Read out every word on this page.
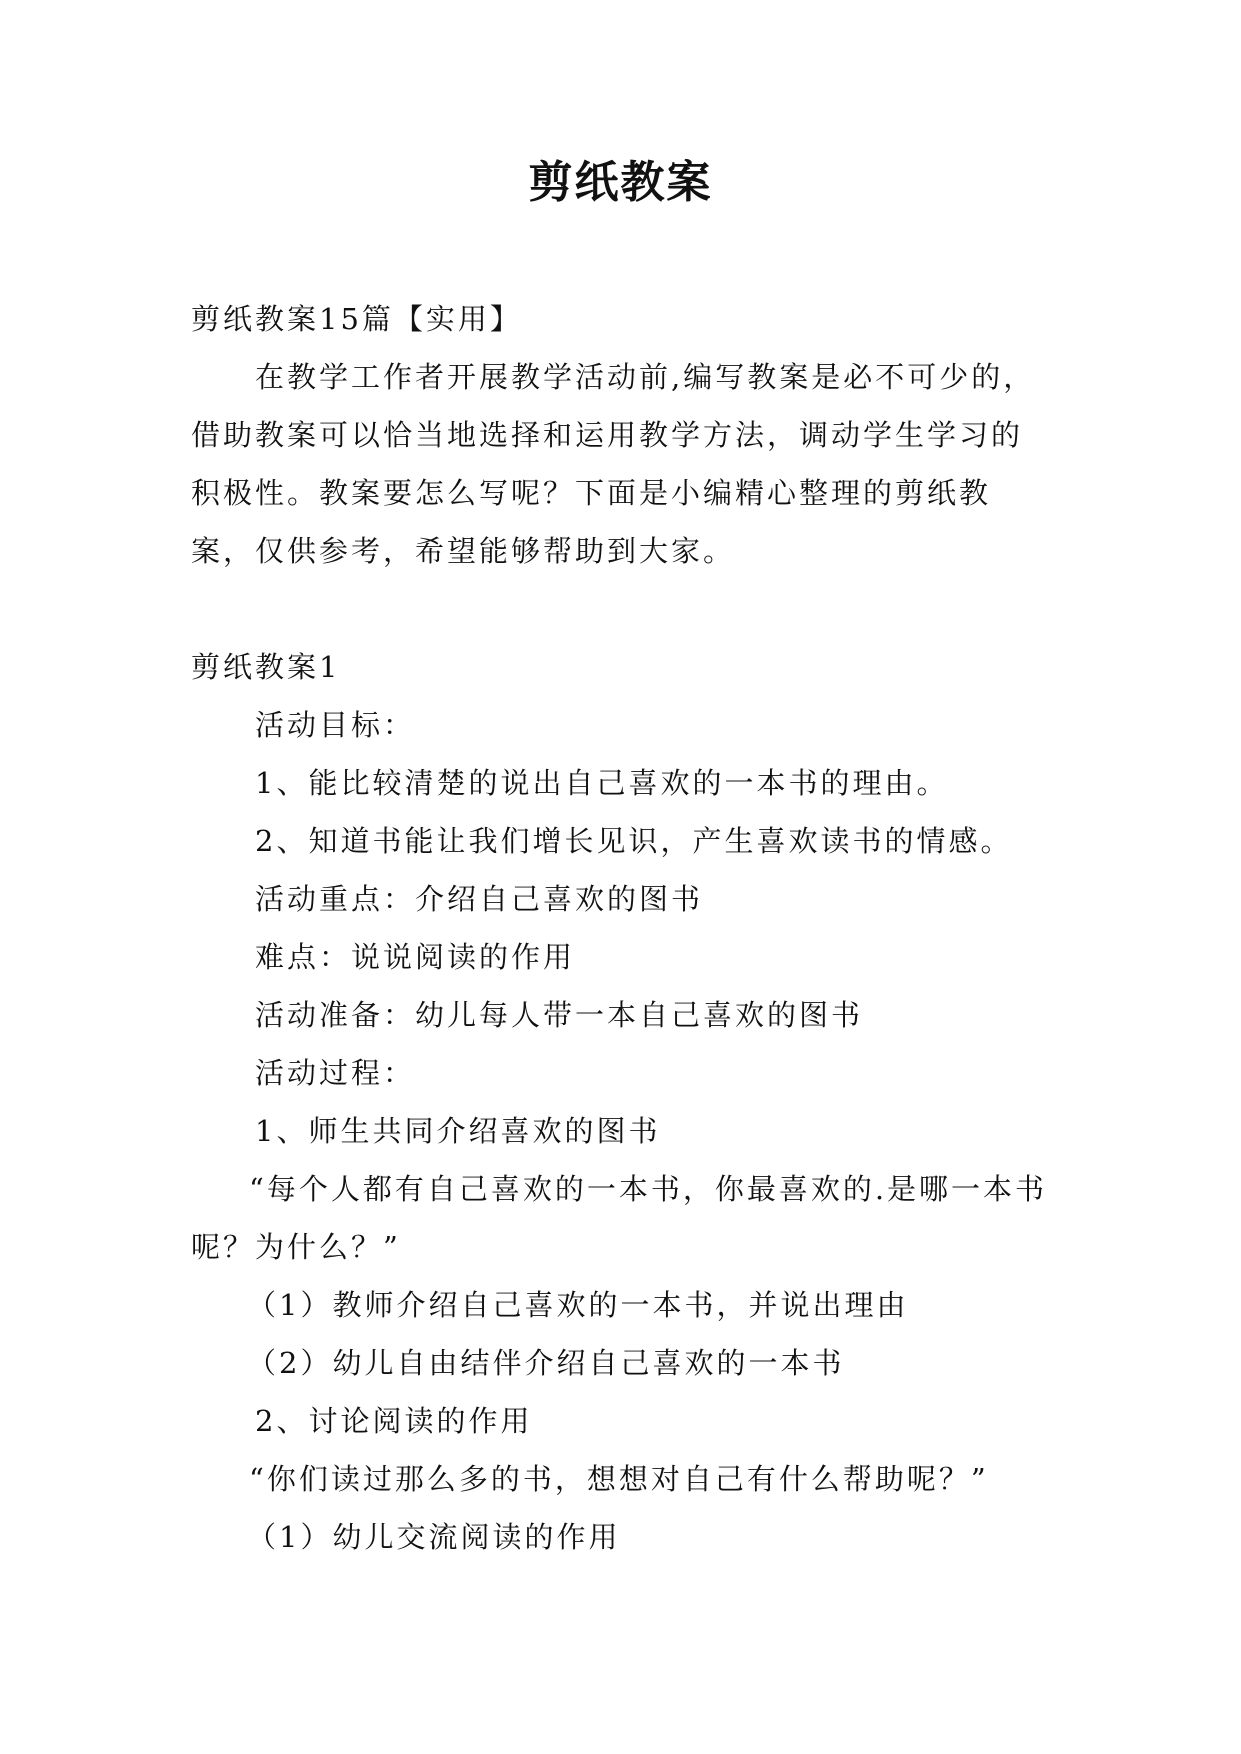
剪纸教案

剪纸教案15篇【实用】

在教学工作者开展教学活动前,编写教案是必不可少的，借助教案可以恰当地选择和运用教学方法，调动学生学习的积极性。教案要怎么写呢？下面是小编精心整理的剪纸教案，仅供参考，希望能够帮助到大家。

剪纸教案1

活动目标：

1、能比较清楚的说出自己喜欢的一本书的理由。

2、知道书能让我们增长见识，产生喜欢读书的情感。

活动重点：介绍自己喜欢的图书

难点：说说阅读的作用

活动准备：幼儿每人带一本自己喜欢的图书

活动过程：

1、师生共同介绍喜欢的图书

“每个人都有自己喜欢的一本书，你最喜欢的.是哪一本书呢？为什么？”

（1）教师介绍自己喜欢的一本书，并说出理由

（2）幼儿自由结伴介绍自己喜欢的一本书

2、讨论阅读的作用

“你们读过那么多的书，想想对自己有什么帮助呢？”

（1）幼儿交流阅读的作用
